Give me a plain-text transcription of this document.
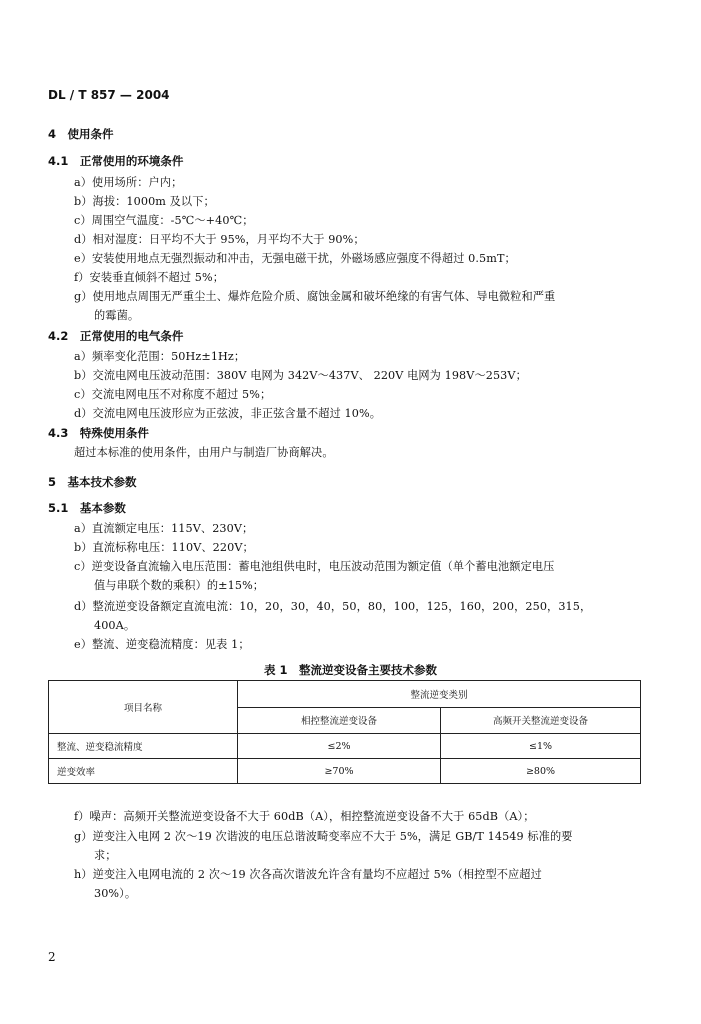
DL / T 857 — 2004
4　使用条件
4.1　正常使用的环境条件
a）使用场所：户内；
b）海拔：1000m 及以下；
c）周围空气温度：-5℃～+40℃；
d）相对湿度：日平均不大于 95%，月平均不大于 90%；
e）安装使用地点无强烈振动和冲击，无强电磁干扰，外磁场感应强度不得超过 0.5mT；
f）安装垂直倾斜不超过 5%；
g）使用地点周围无严重尘土、爆炸危险介质、腐蚀金属和破坏绝缘的有害气体、导电微粒和严重
的霉菌。
4.2　正常使用的电气条件
a）频率变化范围：50Hz±1Hz；
b）交流电网电压波动范围：380V 电网为 342V～437V、 220V 电网为 198V～253V；
c）交流电网电压不对称度不超过 5%；
d）交流电网电压波形应为正弦波，非正弦含量不超过 10%。
4.3　特殊使用条件
超过本标准的使用条件，由用户与制造厂协商解决。
5　基本技术参数
5.1　基本参数
a）直流额定电压：115V、230V；
b）直流标称电压：110V、220V；
c）逆变设备直流输入电压范围：蓄电池组供电时，电压波动范围为额定值（单个蓄电池额定电压
值与串联个数的乘积）的±15%；
d）整流逆变设备额定直流电流：10，20，30，40，50，80，100，125，160，200，250，315，
400A。
e）整流、逆变稳流精度：见表 1；
表 1　整流逆变设备主要技术参数
项目名称	整流逆变类别	
	相控整流逆变设备	高频开关整流逆变设备
整流、逆变稳流精度	≤2%	≤1%
逆变效率	≥70%	≥80%
f）噪声：高频开关整流逆变设备不大于 60dB（A），相控整流逆变设备不大于 65dB（A）；
g）逆变注入电网 2 次～19 次谐波的电压总谐波畸变率应不大于 5%，满足 GB/T 14549 标准的要
求；
h）逆变注入电网电流的 2 次～19 次各高次谐波允许含有量均不应超过 5%（相控型不应超过
30%）。
2
